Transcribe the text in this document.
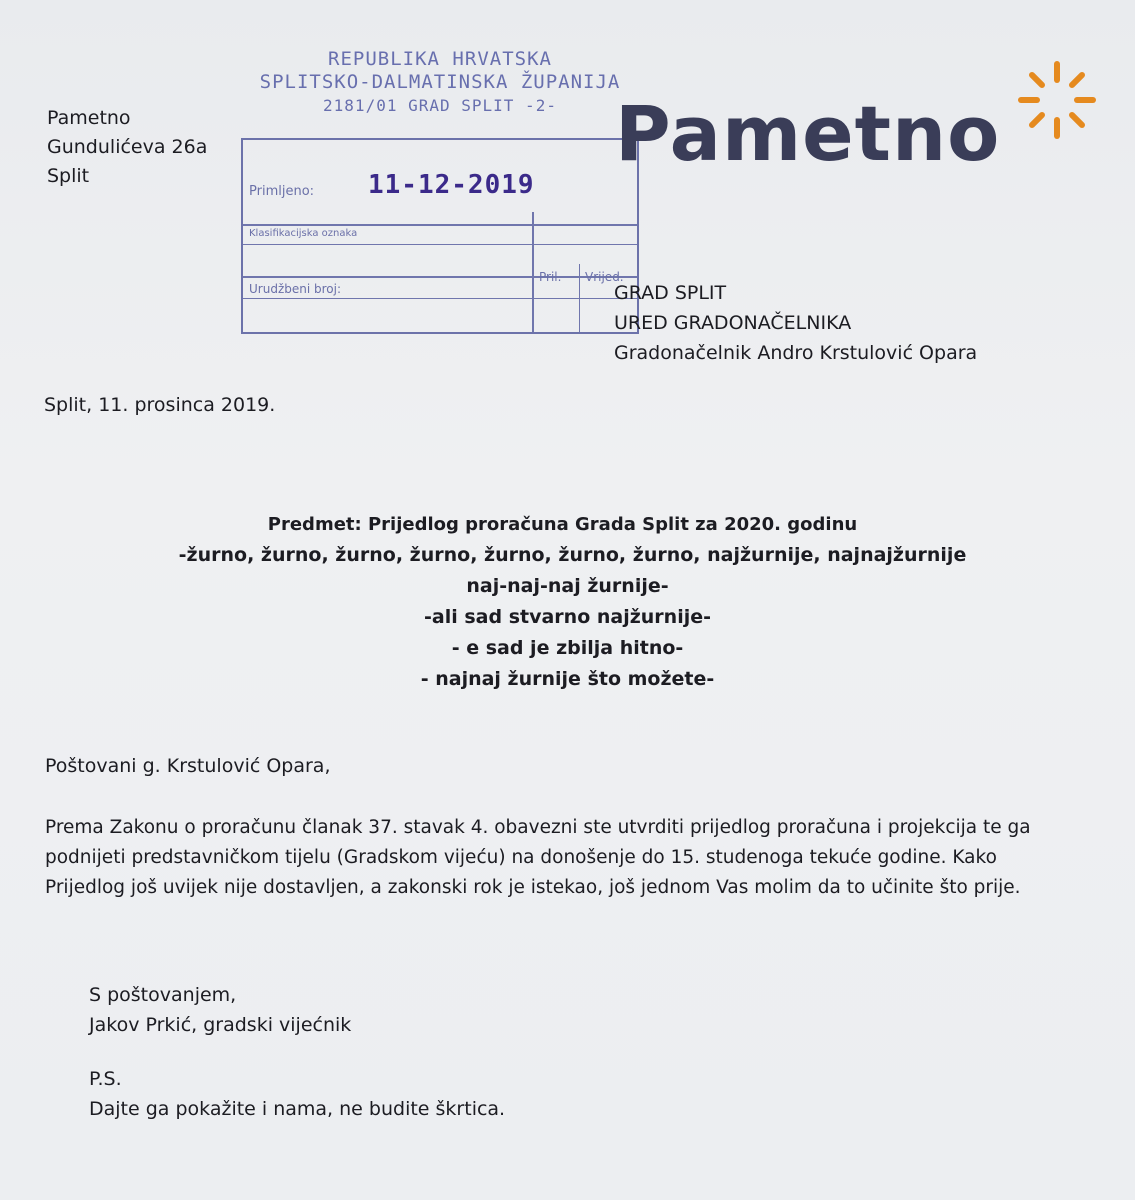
Pametno
Gundulićeva 26a
Split
REPUBLIKA HRVATSKA
SPLITSKO-DALMATINSKA ŽUPANIJA
2181/01 GRAD SPLIT -2-
Primljeno: 11-12-2019
Klasifikacijska oznaka
Urudžbeni broj:
Pril. Vrijed.
Pametno
GRAD SPLIT
URED GRADONAČELNIKA
Gradonačelnik Andro Krstulović Opara
Split, 11. prosinca 2019.
Predmet: Prijedlog proračuna Grada Split za 2020. godinu
-žurno, žurno, žurno, žurno, žurno, žurno, žurno, najžurnije, najnajžurnije
naj-naj-naj žurnije-
-ali sad stvarno najžurnije-
- e sad je zbilja hitno-
- najnaj žurnije što možete-
Poštovani g. Krstulović Opara,
Prema Zakonu o proračunu članak 37. stavak 4. obavezni ste utvrditi prijedlog proračuna i projekcija te ga
podnijeti predstavničkom tijelu (Gradskom vijeću) na donošenje do 15. studenoga tekuće godine. Kako
Prijedlog još uvijek nije dostavljen, a zakonski rok je istekao, još jednom Vas molim da to učinite što prije.
S poštovanjem,
Jakov Prkić, gradski vijećnik
P.S.
Dajte ga pokažite i nama, ne budite škrtica.
